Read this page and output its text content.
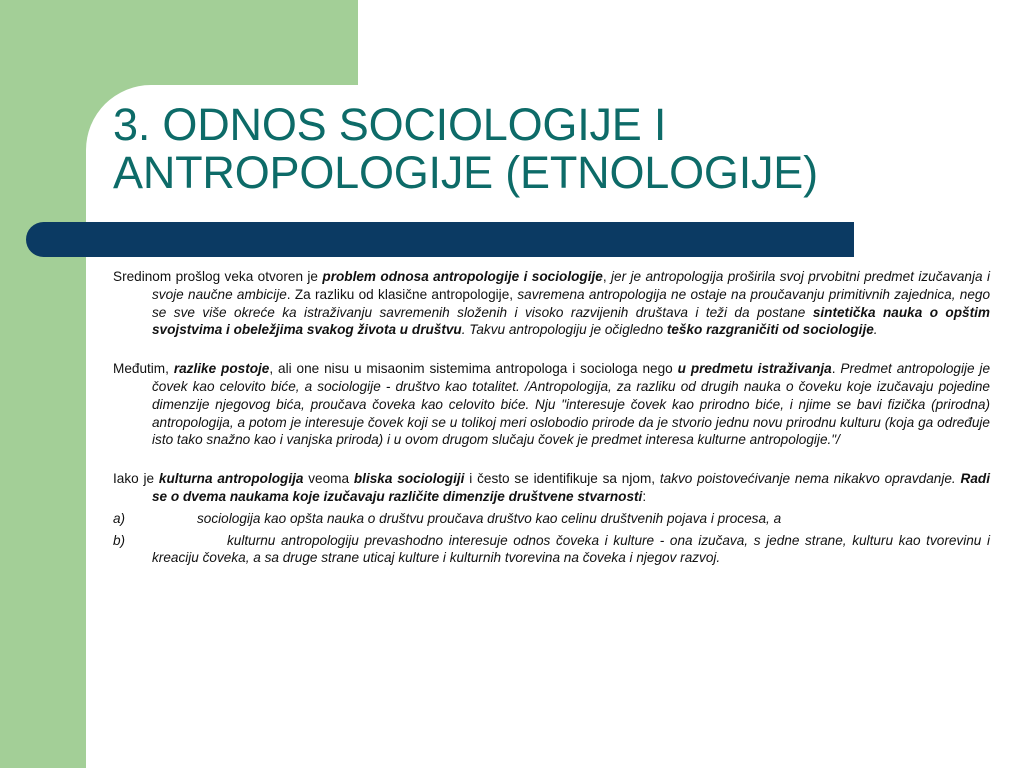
3. ODNOS SOCIOLOGIJE I
ANTROPOLOGIJE (ETNOLOGIJE)

Sredinom prošlog veka otvoren je problem odnosa antropologije i sociologije, jer je antropologija proširila svoj prvobitni predmet izučavanja i svoje naučne ambicije. Za razliku od klasične antropologije, savremena antropologija ne ostaje na proučavanju primitivnih zajednica, nego se sve više okreće ka istraživanju savremenih složenih i visoko razvijenih društava i teži da postane sintetička nauka o opštim svojstvima i obeležjima svakog života u društvu. Takvu antropologiju je očigledno teško razgraničiti od sociologije.

Međutim, razlike postoje, ali one nisu u misaonim sistemima antropologa i sociologa nego u predmetu istraživanja. Predmet antropologije je čovek kao celovito biće, a sociologije - društvo kao totalitet. /Antropologija, za razliku od drugih nauka o čoveku koje izučavaju pojedine dimenzije njegovog bića, proučava čoveka kao celovito biće. Nju "interesuje čovek kao prirodno biće, i njime se bavi fizička (prirodna) antropologija, a potom je interesuje čovek koji se u tolikoj meri oslobodio prirode da je stvorio jednu novu prirodnu kulturu (koja ga određuje isto tako snažno kao i vanjska priroda) i u ovom drugom slučaju čovek je predmet interesa kulturne antropologije."/

Iako je kulturna antropologija veoma bliska sociologiji i često se identifikuje sa njom, takvo poistovećivanje nema nikakvo opravdanje. Radi se o dvema naukama koje izučavaju različite dimenzije društvene stvarnosti:

a)	sociologija kao opšta nauka o društvu proučava društvo kao celinu društvenih pojava i procesa, a

b)	kulturnu antropologiju prevashodno interesuje odnos čoveka i kulture - ona izučava, s jedne strane, kulturu kao tvorevinu i kreaciju čoveka, a sa druge strane uticaj kulture i kulturnih tvorevina na čoveka i njegov razvoj.
